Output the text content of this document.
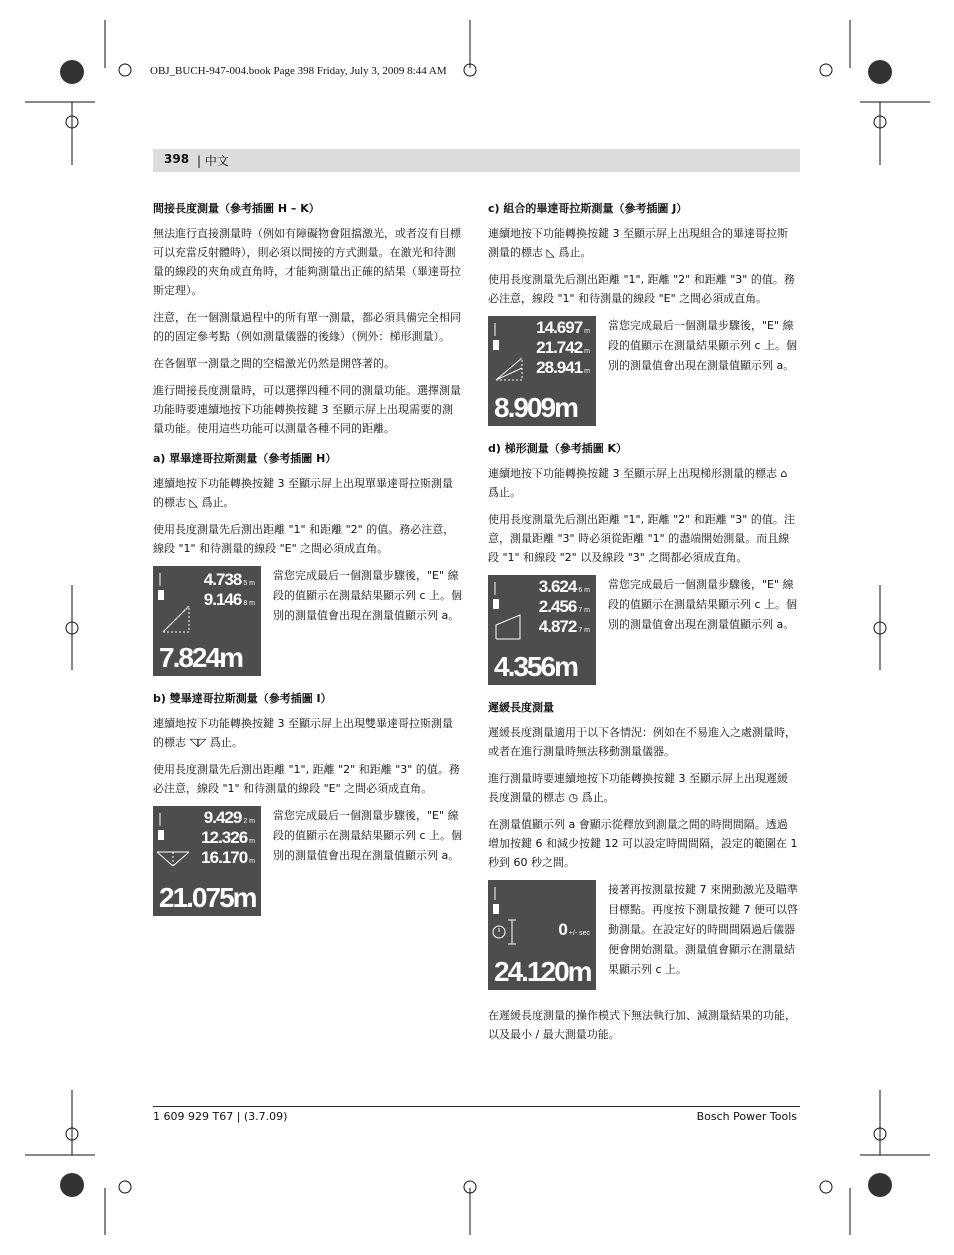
OBJ_BUCH-947-004.book Page 398 Friday, July 3, 2009 8:44 AM
398 | 中文
間接長度測量（參考插圖 H – K）

無法進行直接測量時（例如有障礙物會阻擋激光，或者沒有目標可以充當反射體時），則必須以間接的方式測量。在激光和待測量的線段的夾角成直角時，才能夠測量出正確的結果（畢達哥拉斯定理）。

注意，在一個測量過程中的所有單一測量，都必須具備完全相同的的固定參考點（例如測量儀器的後緣）（例外：梯形測量）。

在各個單一測量之間的空檔激光仍然是開啓著的。

進行間接長度測量時，可以選擇四種不同的測量功能。選擇測量功能時要連續地按下功能轉換按鍵 3 至顯示屏上出現需要的測量功能。使用這些功能可以測量各種不同的距離。

a) 單畢達哥拉斯測量（參考插圖 H）

連續地按下功能轉換按鍵 3 至顯示屏上出現單畢達哥拉斯測量的標志 ◺ 爲止。

使用長度測量先后測出距離 "1" 和距離 "2" 的值。務必注意，線段 "1" 和待測量的線段 "E" 之間必須成直角。

4.738 5 m
9.146 8 m
7.824m
當您完成最后一個測量步驟後，"E" 線段的值顯示在測量結果顯示列 c 上。個別的測量值會出現在測量值顯示列 a。
b) 雙畢達哥拉斯測量（參考插圖 I）

連續地按下功能轉換按鍵 3 至顯示屏上出現雙畢達哥拉斯測量的標志 ◹◸ 爲止。

使用長度測量先后測出距離 "1", 距離 "2" 和距離 "3" 的值。務必注意，線段 "1" 和待測量的線段 "E" 之間必須成直角。

9.429 2 m
12.326 m
16.170 m
21.075m
當您完成最后一個測量步驟後，"E" 線段的值顯示在測量結果顯示列 c 上。個別的測量值會出現在測量值顯示列 a。
c) 組合的畢達哥拉斯測量（參考插圖 J）

連續地按下功能轉換按鍵 3 至顯示屏上出現組合的畢達哥拉斯測量的標志 ◺ 爲止。

使用長度測量先后測出距離 "1", 距離 "2" 和距離 "3" 的值。務必注意，線段 "1" 和待測量的線段 "E" 之間必須成直角。

14.697 m
21.742 m
28.941 m
8.909m
當您完成最后一個測量步驟後，"E" 線段的值顯示在測量結果顯示列 c 上。個別的測量值會出現在測量值顯示列 a。
d) 梯形測量（參考插圖 K）

連續地按下功能轉換按鍵 3 至顯示屏上出現梯形測量的標志 ⌂ 爲止。

使用長度測量先后測出距離 "1", 距離 "2" 和距離 "3" 的值。注意，測量距離 "3" 時必須從距離 "1" 的盡端開始測量。而且線段 "1" 和線段 "2" 以及線段 "3" 之間都必須成直角。

3.624 6 m
2.456 7 m
4.872 7 m
4.356m
當您完成最后一個測量步驟後，"E" 線段的值顯示在測量結果顯示列 c 上。個別的測量值會出現在測量值顯示列 a。
遲緩長度測量

遲緩長度測量適用于以下各情況：例如在不易進入之處測量時，或者在進行測量時無法移動測量儀器。

進行測量時要連續地按下功能轉換按鍵 3 至顯示屏上出現遲緩長度測量的標志 ◷ 爲止。

在測量值顯示列 a 會顯示從釋放到測量之間的時間間隔。透過增加按鍵 6 和減少按鍵 12 可以設定時間間隔，設定的範圍在 1 秒到 60 秒之間。

0 +/- sec
24.120m
接著再按測量按鍵 7 來開動激光及瞄準目標點。再度按下測量按鍵 7 便可以啓動測量。在設定好的時間間隔過后儀器便會開始測量。測量值會顯示在測量結果顯示列 c 上。

在遲緩長度測量的操作模式下無法執行加、減測量結果的功能，以及最小 / 最大測量功能。

1 609 929 T67 | (3.7.09)	Bosch Power Tools
